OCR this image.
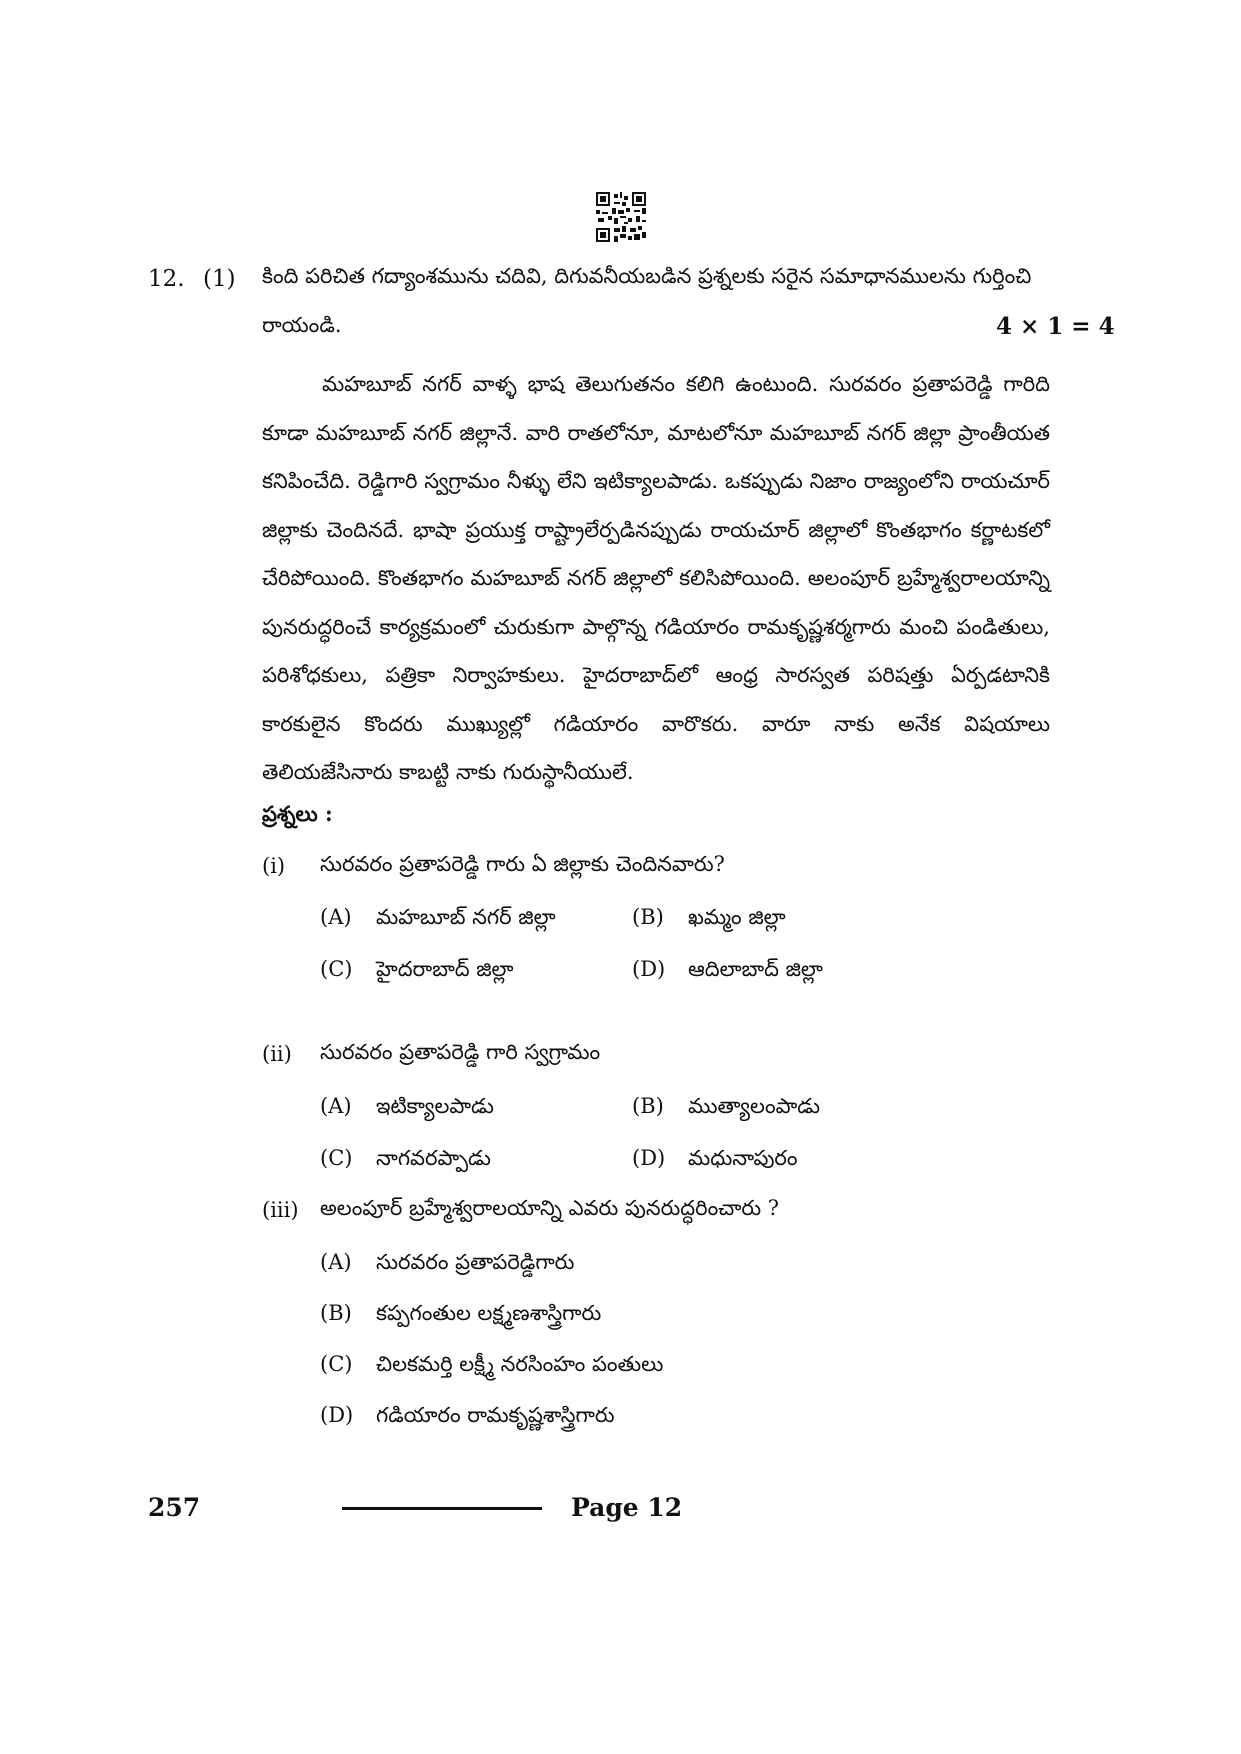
12. (1) కింది పరిచిత గద్యాంశమును చదివి, దిగువనీయబడిన ప్రశ్నలకు సరైన సమాధానములను గుర్తించి
రాయండి.	4 × 1 = 4

మహబూబ్ నగర్ వాళ్ళ భాష తెలుగుతనం కలిగి ఉంటుంది. సురవరం ప్రతాపరెడ్డి గారిది కూడా మహబూబ్ నగర్ జిల్లానే. వారి రాతలోనూ, మాటలోనూ మహబూబ్ నగర్ జిల్లా ప్రాంతీయత కనిపించేది. రెడ్డిగారి స్వగ్రామం నీళ్ళు లేని ఇటిక్యాలపాడు. ఒకప్పుడు నిజాం రాజ్యంలోని రాయచూర్ జిల్లాకు చెందినదే. భాషా ప్రయుక్త రాష్ట్రాలేర్పడినప్పుడు రాయచూర్ జిల్లాలో కొంతభాగం కర్ణాటకలో చేరిపోయింది. కొంతభాగం మహబూబ్ నగర్ జిల్లాలో కలిసిపోయింది. అలంపూర్ బ్రహ్మేశ్వరాలయాన్ని పునరుద్ధరించే కార్యక్రమంలో చురుకుగా పాల్గొన్న గడియారం రామకృష్ణశర్మగారు మంచి పండితులు, పరిశోధకులు, పత్రికా నిర్వాహకులు. హైదరాబాద్‌లో ఆంధ్ర సారస్వత పరిషత్తు ఏర్పడటానికి కారకులైన కొందరు ముఖ్యుల్లో గడియారం వారొకరు. వారూ నాకు అనేక విషయాలు తెలియజేసినారు కాబట్టి నాకు గురుస్థానీయులే.

ప్రశ్నలు :
(i) సురవరం ప్రతాపరెడ్డి గారు ఏ జిల్లాకు చెందినవారు?
(A) మహబూబ్ నగర్ జిల్లా	(B) ఖమ్మం జిల్లా
(C) హైదరాబాద్ జిల్లా	(D) ఆదిలాబాద్ జిల్లా
(ii) సురవరం ప్రతాపరెడ్డి గారి స్వగ్రామం
(A) ఇటిక్యాలపాడు	(B) ముత్యాలంపాడు
(C) నాగవరప్పాడు	(D) మధునాపురం
(iii) అలంపూర్ బ్రహ్మేశ్వరాలయాన్ని ఎవరు పునరుద్ధరించారు ?
(A) సురవరం ప్రతాపరెడ్డిగారు
(B) కప్పగంతుల లక్ష్మణశాస్త్రిగారు
(C) చిలకమర్తి లక్ష్మీ నరసింహం పంతులు
(D) గడియారం రామకృష్ణశాస్త్రిగారు
257	Page 12
